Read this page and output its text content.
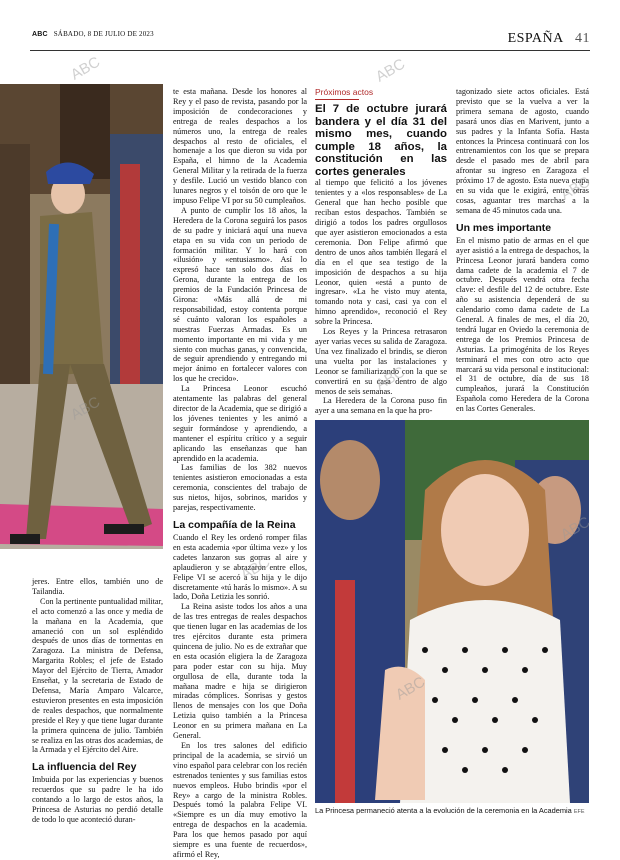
ABC SÁBADO, 8 DE JULIO DE 2023	ESPAÑA 41

jeres. Entre ellos, también uno de Tailandia.

Con la pertinente puntualidad militar, el acto comenzó a las once y media de la mañana en la Academia, que amaneció con un sol espléndido después de unos días de tormentas en Zaragoza. La ministra de Defensa, Margarita Robles; el jefe de Estado Mayor del Ejército de Tierra, Amador Enseñat, y la secretaria de Estado de Defensa, María Amparo Valcarce, estuvieron presentes en esta imposición de reales despachos, que normalmente preside el Rey y que tiene lugar durante la primera quincena de julio. También se realiza en las otras dos academias, de la Armada y el Ejército del Aire.

La influencia del Rey

Imbuida por las experiencias y buenos recuerdos que su padre le ha ido contando a lo largo de estos años, la Princesa de Asturias no perdió detalle de todo lo que aconteció duran-

te esta mañana. Desde los honores al Rey y el paso de revista, pasando por la imposición de condecoraciones y entrega de reales despachos a los números uno, la entrega de reales despachos al resto de oficiales, el homenaje a los que dieron su vida por España, el himno de la Academia General Militar y la retirada de la fuerza y desfile. Lució un vestido blanco con lunares negros y el toisón de oro que le impuso Felipe VI por su 50 cumpleaños.

A punto de cumplir los 18 años, la Heredera de la Corona seguirá los pasos de su padre y iniciará aquí una nueva etapa en su vida con un periodo de formación militar. Y lo hará con «ilusión» y «entusiasmo». Así lo expresó hace tan solo dos días en Gerona, durante la entrega de los premios de la Fundación Princesa de Girona: «Más allá de mi responsabilidad, estoy contenta porque sé cuánto valoran los españoles a nuestras Fuerzas Armadas. Es un momento importante en mi vida y me siento con muchas ganas, y convencida, de seguir aprendiendo y entregando mi mejor ánimo en fortalecer valores con los que he crecido».

La Princesa Leonor escuchó atentamente las palabras del general director de la Academia, que se dirigió a los jóvenes tenientes y les animó a seguir formándose y aprendiendo, a mantener el espíritu crítico y a seguir aplicando las enseñanzas que han aprendido en la academia.

Las familias de los 382 nuevos tenientes asistieron emocionadas a esta ceremonia, conscientes del trabajo de sus nietos, hijos, sobrinos, maridos y parejas, respectivamente.

La compañía de la Reina

Cuando el Rey les ordenó romper filas en esta academia «por última vez» y los cadetes lanzaron sus gorras al aire y aplaudieron y se abrazaron entre ellos, Felipe VI se acercó a su hija y le dijo discretamente «tú harás lo mismo». A su lado, Doña Letizia les sonrió.

La Reina asiste todos los años a una de las tres entregas de reales despachos que tienen lugar en las academias de los tres ejércitos durante esta primera quincena de julio. No es de extrañar que en esta ocasión eligiera la de Zaragoza para poder estar con su hija. Muy orgullosa de ella, durante toda la mañana madre e hija se dirigieron miradas cómplices. Sonrisas y gestos llenos de mensajes con los que Doña Letizia quiso también a la Princesa Leonor en su primera mañana en La General.

En los tres salones del edificio principal de la academia, se sirvió un vino español para celebrar con los recién estrenados tenientes y sus familias estos nuevos empleos. Hubo brindis «por el Rey» a cargo de la ministra Robles. Después tomó la palabra Felipe VI. «Siempre es un día muy emotivo la entrega de despachos en la academia. Para los que hemos pasado por aquí siempre es una fuente de recuerdos», afirmó el Rey,

Próximos actos

El 7 de octubre jurará bandera y el día 31 del mismo mes, cuando cumple 18 años, la constitución en las cortes generales

al tiempo que felicitó a los jóvenes tenientes y a «los responsables» de La General que han hecho posible que reciban estos despachos. También se dirigió a todos los padres orgullosos que ayer asistieron emocionados a esta ceremonia. Don Felipe afirmó que dentro de unos años también llegará el día en el que sea testigo de la imposición de despachos a su hija Leonor, quien «está a punto de ingresar». «La he visto muy atenta, tomando nota y casi, casi ya con el himno aprendido», reconoció el Rey sobre la Princesa.

Los Reyes y la Princesa retrasaron ayer varias veces su salida de Zaragoza. Una vez finalizado el brindis, se dieron una vuelta por las instalaciones y Leonor se familiarizando con la que se convertirá en su casa dentro de algo menos de seis semanas.

La Heredera de la Corona puso fin ayer a una semana en la que ha pro-

tagonizado siete actos oficiales. Está previsto que se la vuelva a ver la primera semana de agosto, cuando pasará unos días en Marivent, junto a sus padres y la Infanta Sofía. Hasta entonces la Princesa continuará con los entrenamientos con los que se prepara desde el pasado mes de abril para afrontar su ingreso en Zaragoza el próximo 17 de agosto. Esta nueva etapa en su vida que le exigirá, entre otras cosas, aguantar tres marchas a la semana de 45 minutos cada una.

Un mes importante

En el mismo patio de armas en el que ayer asistió a la entrega de despachos, la Princesa Leonor jurará bandera como dama cadete de la academia el 7 de octubre. Después vendrá otra fecha clave: el desfile del 12 de octubre. Este año su asistencia dependerá de su calendario como dama cadete de La General. A finales de mes, el día 20, tendrá lugar en Oviedo la ceremonia de entrega de los Premios Princesa de Asturias. La primogénita de los Reyes terminará el mes con otro acto que marcará su vida personal e institucional: el 31 de octubre, día de sus 18 cumpleaños, jurará la Constitución Española como Heredera de la Corona en las Cortes Generales.

La Princesa permaneció atenta a la evolución de la ceremonia en la Academia EFE
ABC	ABC
ABC
ABC
ABC
ABC
ABC
ABC
